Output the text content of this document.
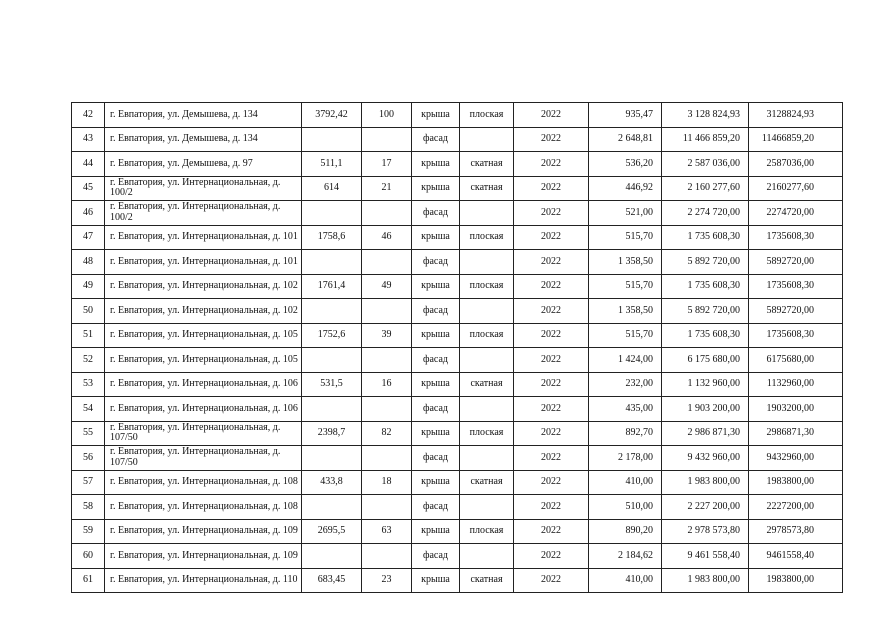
42	г. Евпатория, ул. Демышева, д. 134	3792,42	100	крыша	плоская	2022	935,47	3 128 824,93	3128824,93
43	г. Евпатория, ул. Демышева, д. 134			фасад		2022	2 648,81	11 466 859,20	11466859,20
44	г. Евпатория, ул. Демышева, д. 97	511,1	17	крыша	скатная	2022	536,20	2 587 036,00	2587036,00
45	г. Евпатория, ул. Интернациональная, д. 100/2	614	21	крыша	скатная	2022	446,92	2 160 277,60	2160277,60
46	г. Евпатория, ул. Интернациональная, д. 100/2			фасад		2022	521,00	2 274 720,00	2274720,00
47	г. Евпатория, ул. Интернациональная, д. 101	1758,6	46	крыша	плоская	2022	515,70	1 735 608,30	1735608,30
48	г. Евпатория, ул. Интернациональная, д. 101			фасад		2022	1 358,50	5 892 720,00	5892720,00
49	г. Евпатория, ул. Интернациональная, д. 102	1761,4	49	крыша	плоская	2022	515,70	1 735 608,30	1735608,30
50	г. Евпатория, ул. Интернациональная, д. 102			фасад		2022	1 358,50	5 892 720,00	5892720,00
51	г. Евпатория, ул. Интернациональная, д. 105	1752,6	39	крыша	плоская	2022	515,70	1 735 608,30	1735608,30
52	г. Евпатория, ул. Интернациональная, д. 105			фасад		2022	1 424,00	6 175 680,00	6175680,00
53	г. Евпатория, ул. Интернациональная, д. 106	531,5	16	крыша	скатная	2022	232,00	1 132 960,00	1132960,00
54	г. Евпатория, ул. Интернациональная, д. 106			фасад		2022	435,00	1 903 200,00	1903200,00
55	г. Евпатория, ул. Интернациональная, д. 107/50	2398,7	82	крыша	плоская	2022	892,70	2 986 871,30	2986871,30
56	г. Евпатория, ул. Интернациональная, д. 107/50			фасад		2022	2 178,00	9 432 960,00	9432960,00
57	г. Евпатория, ул. Интернациональная, д. 108	433,8	18	крыша	скатная	2022	410,00	1 983 800,00	1983800,00
58	г. Евпатория, ул. Интернациональная, д. 108			фасад		2022	510,00	2 227 200,00	2227200,00
59	г. Евпатория, ул. Интернациональная, д. 109	2695,5	63	крыша	плоская	2022	890,20	2 978 573,80	2978573,80
60	г. Евпатория, ул. Интернациональная, д. 109			фасад		2022	2 184,62	9 461 558,40	9461558,40
61	г. Евпатория, ул. Интернациональная, д. 110	683,45	23	крыша	скатная	2022	410,00	1 983 800,00	1983800,00
